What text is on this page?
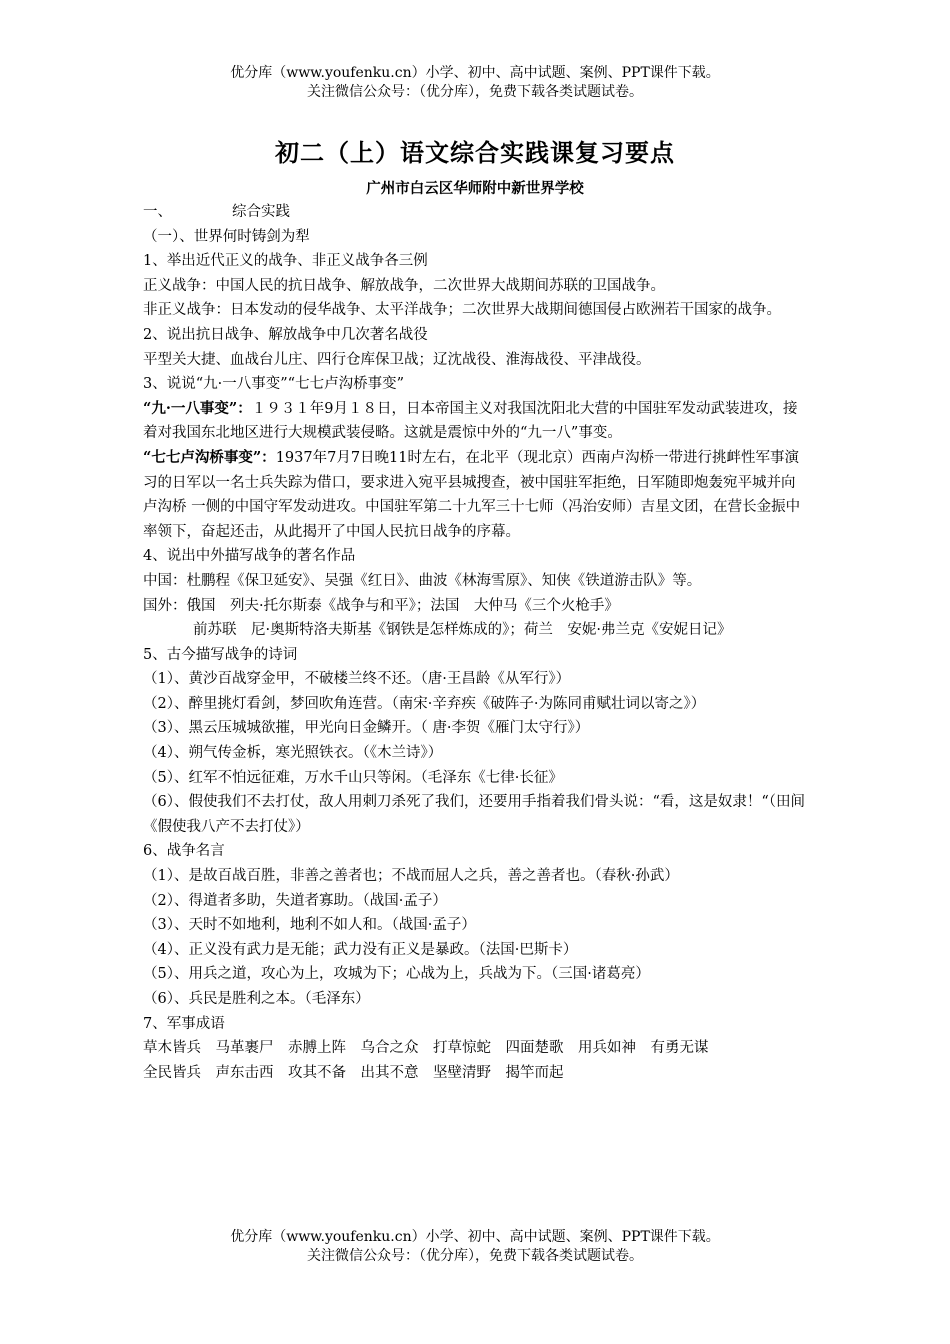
优分库（www.youfenku.cn）小学、初中、高中试题、案例、PPT课件下载。
关注微信公众号：（优分库），免费下载各类试题试卷。
初二（上）语文综合实践课复习要点
广州市白云区华师附中新世界学校

一、	综合实践

（一）、世界何时铸剑为犁

1、举出近代正义的战争、非正义战争各三例

正义战争：中国人民的抗日战争、解放战争，二次世界大战期间苏联的卫国战争。

非正义战争：日本发动的侵华战争、太平洋战争；二次世界大战期间德国侵占欧洲若干国家的战争。

2、说出抗日战争、解放战争中几次著名战役

平型关大捷、血战台儿庄、四行仓库保卫战；辽沈战役、淮海战役、平津战役。

3、说说“九·一八事变”“七七卢沟桥事变”

“九·一八事变”：１９３１年9月１８日，日本帝国主义对我国沈阳北大营的中国驻军发动武装进攻，接着对我国东北地区进行大规模武装侵略。这就是震惊中外的“九一八”事变。

“七七卢沟桥事变”：1937年7月7日晚11时左右，在北平（现北京）西南卢沟桥一带进行挑衅性军事演习的日军以一名士兵失踪为借口，要求进入宛平县城搜查，被中国驻军拒绝，日军随即炮轰宛平城并向卢沟桥 一侧的中国守军发动进攻。中国驻军第二十九军三十七师（冯治安师）吉星文团，在营长金振中率领下，奋起还击，从此揭开了中国人民抗日战争的序幕。

4、说出中外描写战争的著名作品

中国：杜鹏程《保卫延安》、吴强《红日》、曲波《林海雪原》、知侠《铁道游击队》等。

国外：俄国　列夫·托尔斯泰《战争与和平》；法国　大仲马《三个火枪手》

前苏联　尼·奥斯特洛夫斯基《钢铁是怎样炼成的》；荷兰　安妮·弗兰克《安妮日记》

5、古今描写战争的诗词

（1）、黄沙百战穿金甲，不破楼兰终不还。（唐·王昌龄《从军行》）

（2）、醉里挑灯看剑，梦回吹角连营。（南宋·辛弃疾《破阵子·为陈同甫赋壮词以寄之》）

（3）、黑云压城城欲摧，甲光向日金鳞开。（ 唐·李贺《雁门太守行》）

（4）、朔气传金柝，寒光照铁衣。（《木兰诗》）

（5）、红军不怕远征难，万水千山只等闲。（毛泽东《七律·长征》

（6）、假使我们不去打仗，敌人用刺刀杀死了我们，还要用手指着我们骨头说：“看，这是奴隶！“（田间《假使我八产不去打仗》）

6、战争名言

（1）、是故百战百胜，非善之善者也；不战而屈人之兵，善之善者也。（春秋·孙武）

（2）、得道者多助，失道者寡助。（战国·孟子）

（3）、天时不如地利，地利不如人和。（战国·孟子）

（4）、正义没有武力是无能；武力没有正义是暴政。（法国·巴斯卡）

（5）、用兵之道，攻心为上，攻城为下；心战为上，兵战为下。（三国·诸葛亮）

（6）、兵民是胜利之本。（毛泽东）

7、军事成语

草木皆兵　马革裹尸　赤膊上阵　乌合之众　打草惊蛇　四面楚歌　用兵如神　有勇无谋

全民皆兵　声东击西　攻其不备　出其不意　坚壁清野　揭竿而起

优分库（www.youfenku.cn）小学、初中、高中试题、案例、PPT课件下载。
关注微信公众号：（优分库），免费下载各类试题试卷。
